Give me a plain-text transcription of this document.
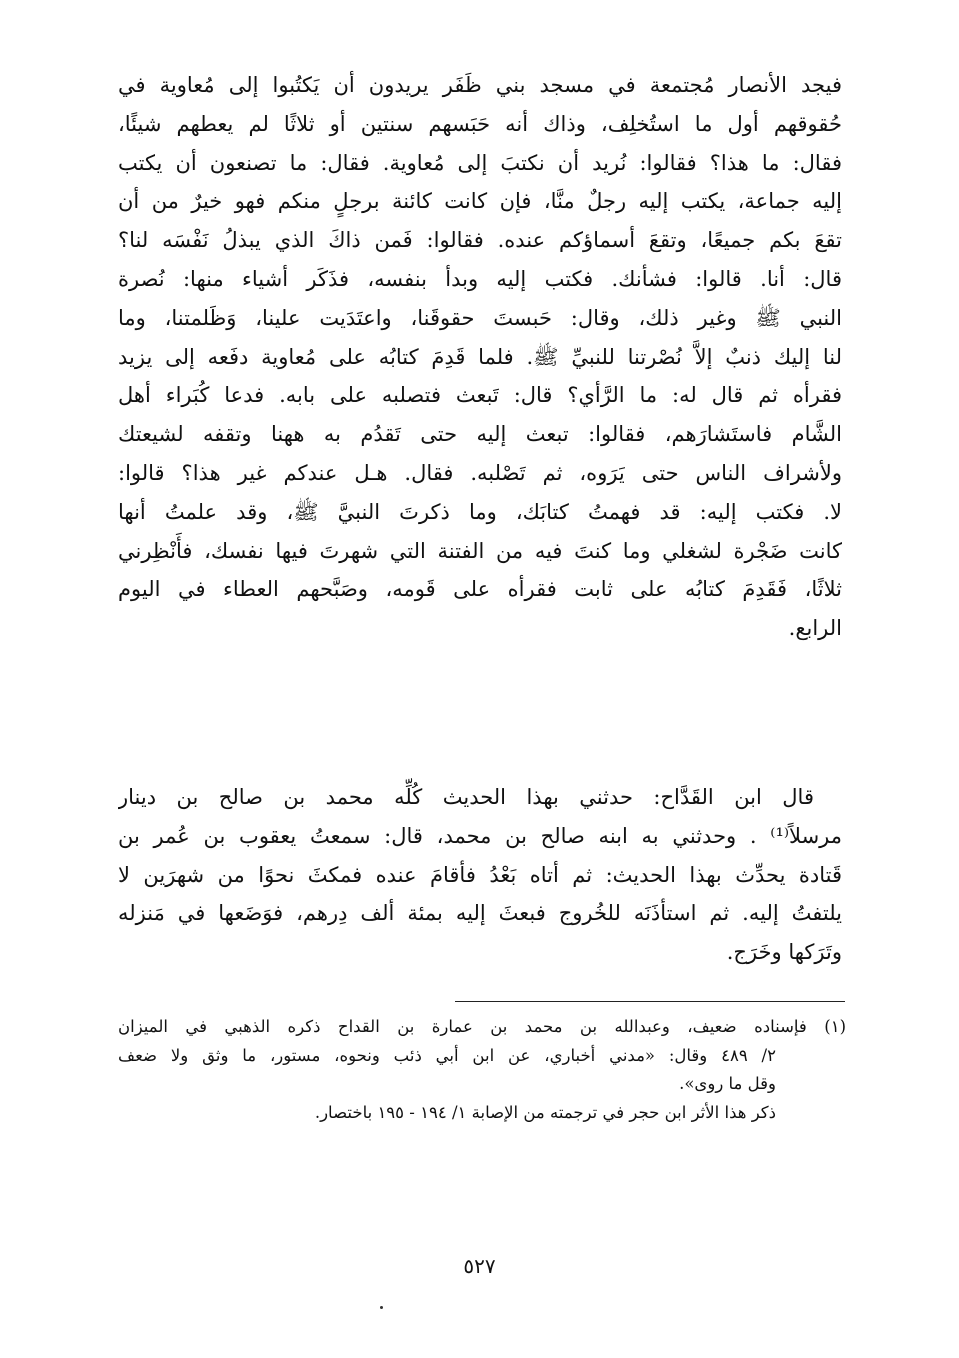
فيجد الأنصار مُجتمعة في مسجد بني ظَفَر يريدون أن يَكتُبوا إلى مُعاوية في
حُقوقهم أول ما استُخلِف، وذاك أنه حَبَسهم سنتين أو ثلاثًا لم يعطهم شيئًا،
فقال: ما هذا؟ فقالوا: نُريد أن نكتبَ إلى مُعاوية. فقال: ما تصنعون أن يكتب
إليه جماعة، يكتب إليه رجلٌ منَّا، فإن كانت كائنة برجلٍ منكم فهو خيرٌ من أن
تقعَ بكم جميعًا، وتقعَ أسماؤكم عنده. فقالوا: فَمن ذاكَ الذي يبذلُ نَفْسَه لنا؟
قال: أنا. قالوا: فشأنك. فكتب إليه وبدأ بنفسه، فذَكَر أشياء منها: نُصرة
النبي ﷺ وغير ذلك، وقال: حَبستَ حقوقَنا، واعتَدَيت علينا، وَظَلمتنا، وما
لنا إليك ذنبٌ إلاَّ نُصْرتنا للنبيِّ ﷺ. فلما قَدِمَ كتابُه على مُعاوية دفَعه إلى يزيد
فقرأه ثم قال له: ما الرَّأي؟ قال: تَبعث فتصلبه على بابه. فدعا كُبَراء أهل
الشَّام فاستَشارَهم، فقالوا: تبعث إليه حتى تَقدُم به ههنا وتقفه لشيعتك
ولأشراف الناس حتى يَرَوه، ثم تَصْلبه. فقال. هـل عندكم غير هذا؟ قالوا:
لا. فكتب إليه: قد فهمتُ كتابَك، وما ذكرتَ النبيَّ ﷺ، وقد علمتُ أنها
كانت ضَجْرة لشغلي وما كنتَ فيه من الفتنة التي شهرتَ فيها نفسك، فأَنْظِرني
ثلاثًا، فَقَدِمَ كتابُه على ثابت فقرأه على قَومه، وصَبَّحهم العطاء في اليوم
الرابع.
قال ابن القَدَّاح: حدثني بهذا الحديث كُلِّه محمد بن صالح بن دينار
مرسلاً⁽¹⁾ . وحدثني به ابنه صالح بن محمد، قال: سمعتُ يعقوب بن عُمر بن
قَتادة يحدِّث بهذا الحديث: ثم أتاه بَعْدُ فأقامَ عنده فمكثَ نحوًا من شهرَين لا
يلتفتُ إليه. ثم استأذَنَه للخُروج فبعثَ إليه بمئة ألف دِرهم، فوَضَعها في مَنزله
وتَرَكها وخَرَج.
(١) فإسناده ضعيف، وعبدالله بن محمد بن عمارة بن القداح ذكره الذهبي في الميزان
٢/ ٤٨٩ وقال: «مدني أخباري، عن ابن أبي ذئب ونحوه، مستور، ما وثق ولا ضعف
وقل ما روى».
ذكر هذا الأثر ابن حجر في ترجمته من الإصابة ١/ ١٩٤ - ١٩٥ باختصار.
٥٢٧
